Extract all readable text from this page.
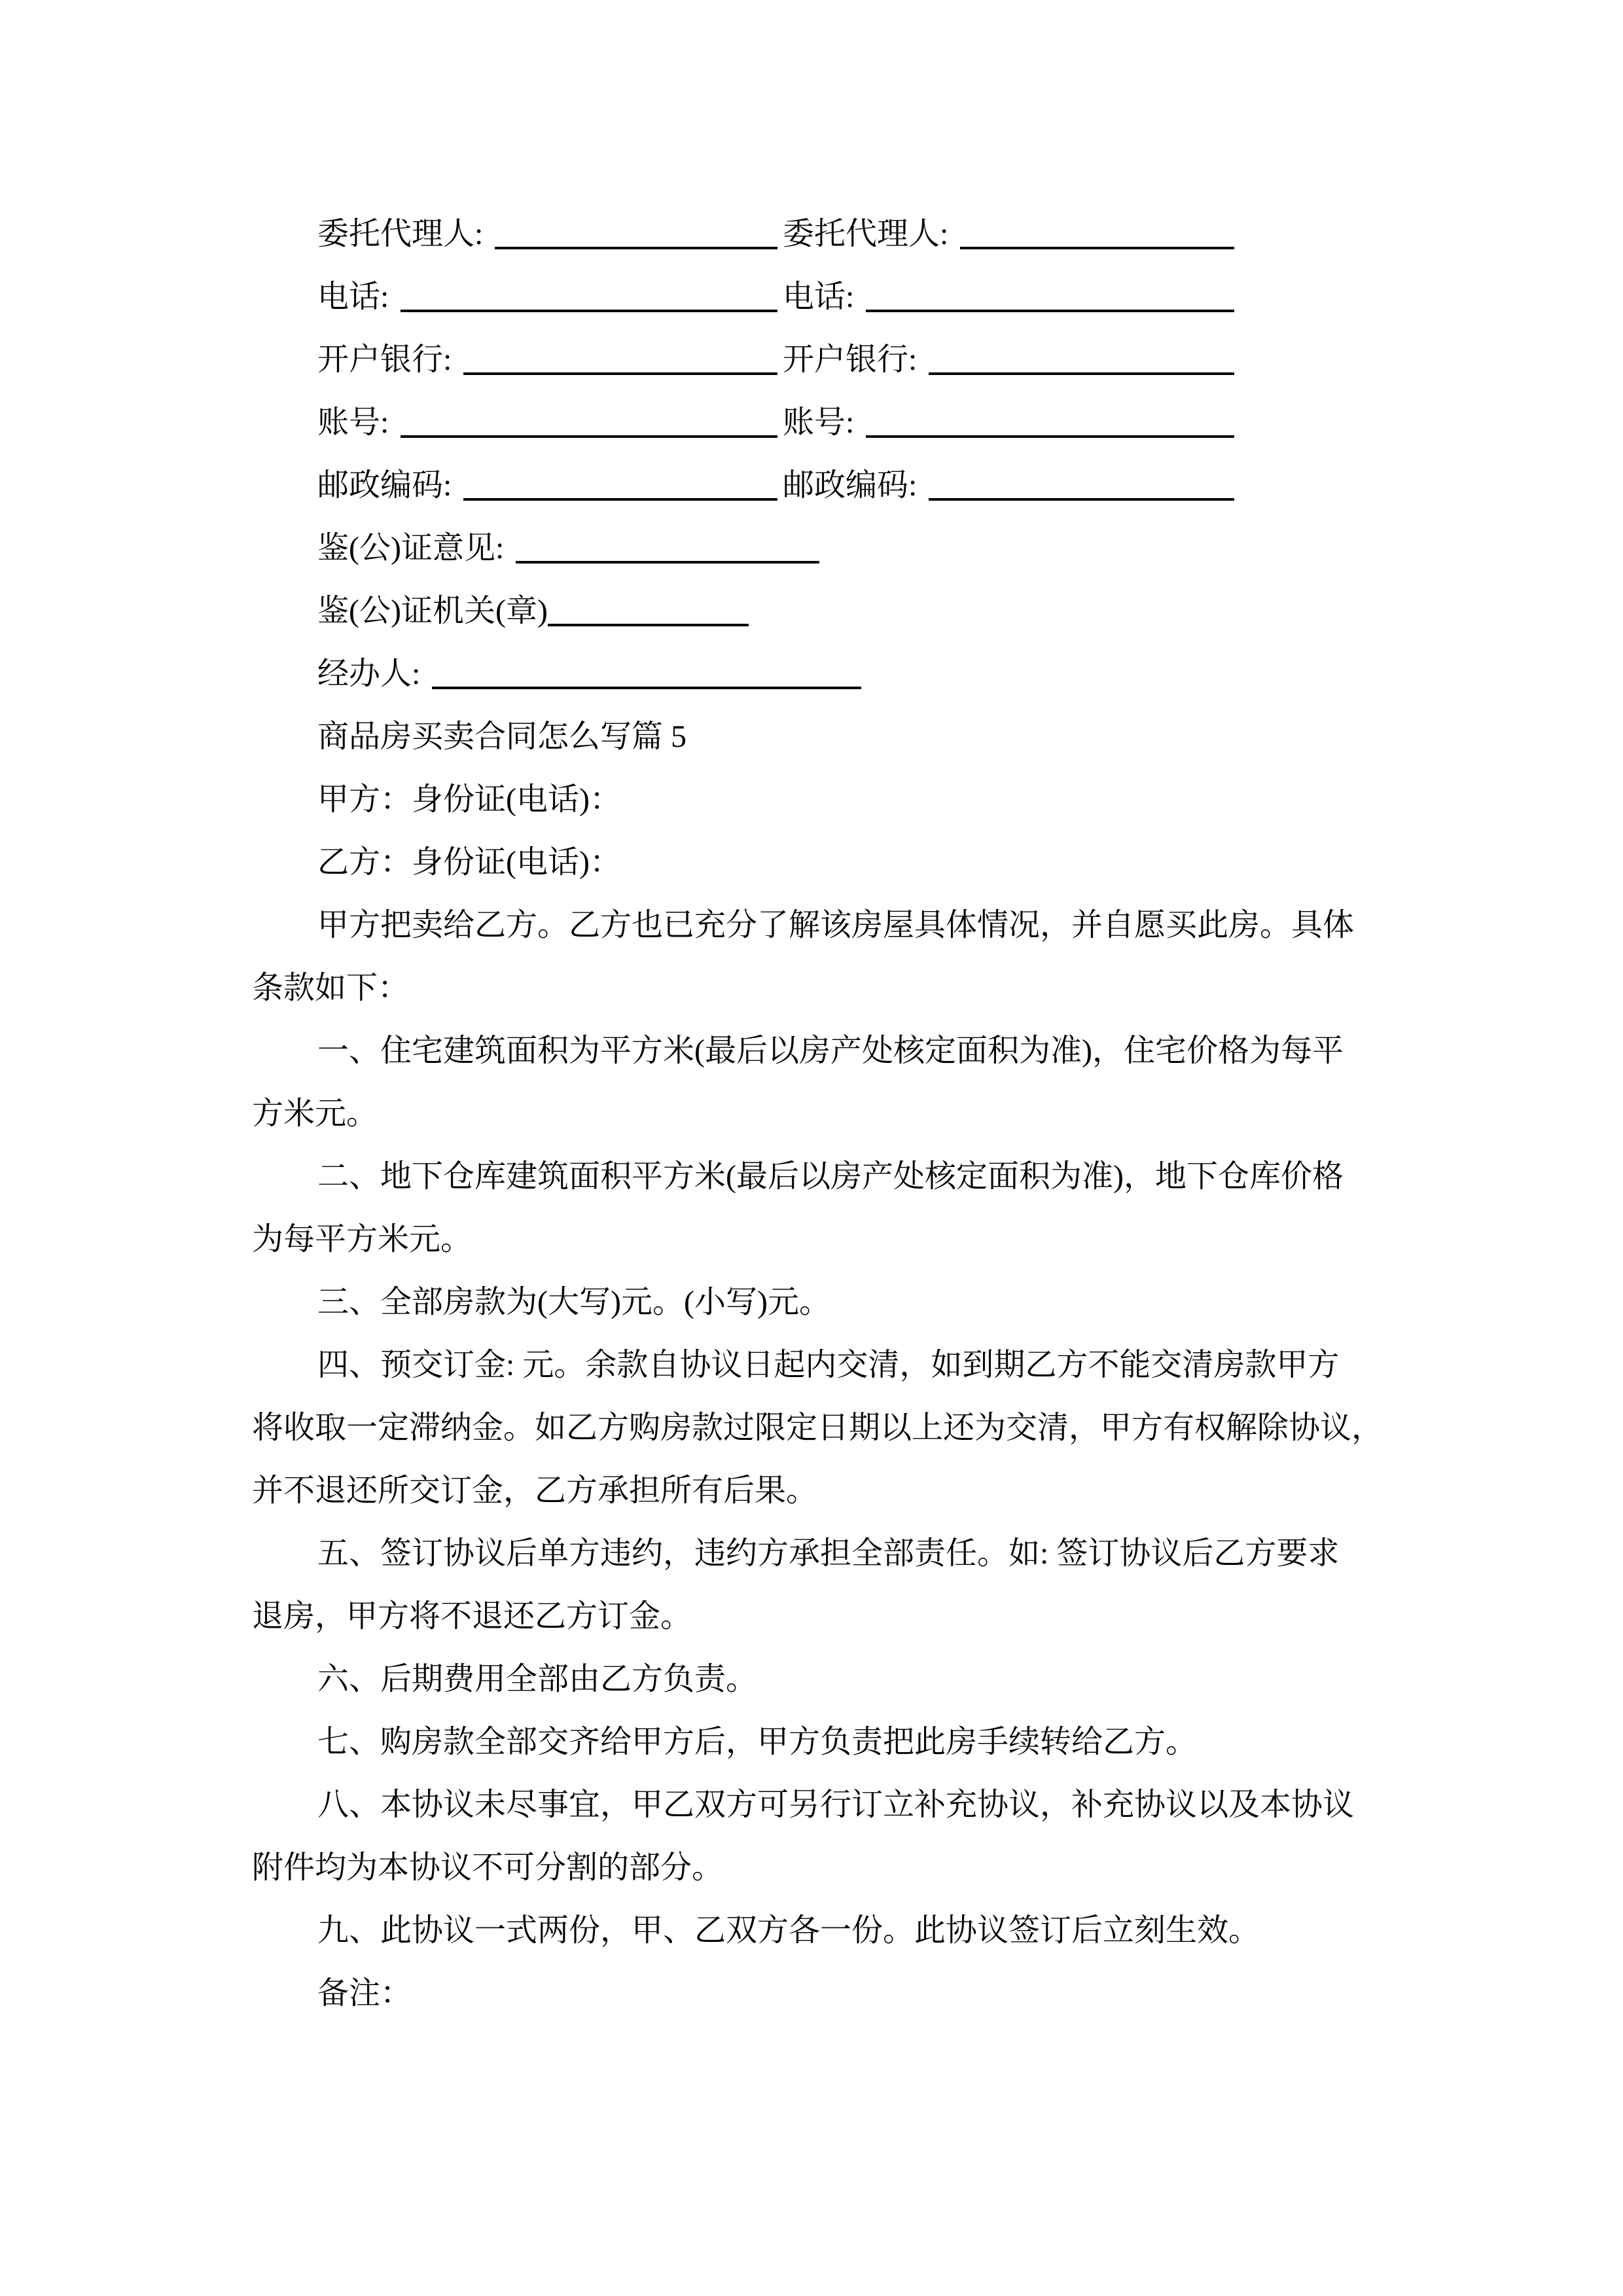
委托代理人:	委托代理人:
电话:	电话:
开户银行:	开户银行:
账号:	账号:
邮政编码:	邮政编码:
鉴(公)证意见:
鉴(公)证机关(章)
经办人:
商品房买卖合同怎么写篇 5
甲方：身份证(电话)：
乙方：身份证(电话)：
甲方把卖给乙方。乙方也已充分了解该房屋具体情况，并自愿买此房。具体
条款如下：
一、住宅建筑面积为平方米(最后以房产处核定面积为准)，住宅价格为每平
方米元。
二、地下仓库建筑面积平方米(最后以房产处核定面积为准)，地下仓库价格
为每平方米元。
三、全部房款为(大写)元。(小写)元。
四、预交订金: 元。余款自协议日起内交清，如到期乙方不能交清房款甲方
将收取一定滞纳金。如乙方购房款过限定日期以上还为交清，甲方有权解除协议，
并不退还所交订金，乙方承担所有后果。
五、签订协议后单方违约，违约方承担全部责任。如: 签订协议后乙方要求
退房，甲方将不退还乙方订金。
六、后期费用全部由乙方负责。
七、购房款全部交齐给甲方后，甲方负责把此房手续转给乙方。
八、本协议未尽事宜，甲乙双方可另行订立补充协议，补充协议以及本协议
附件均为本协议不可分割的部分。
九、此协议一式两份，甲、乙双方各一份。此协议签订后立刻生效。
备注：
